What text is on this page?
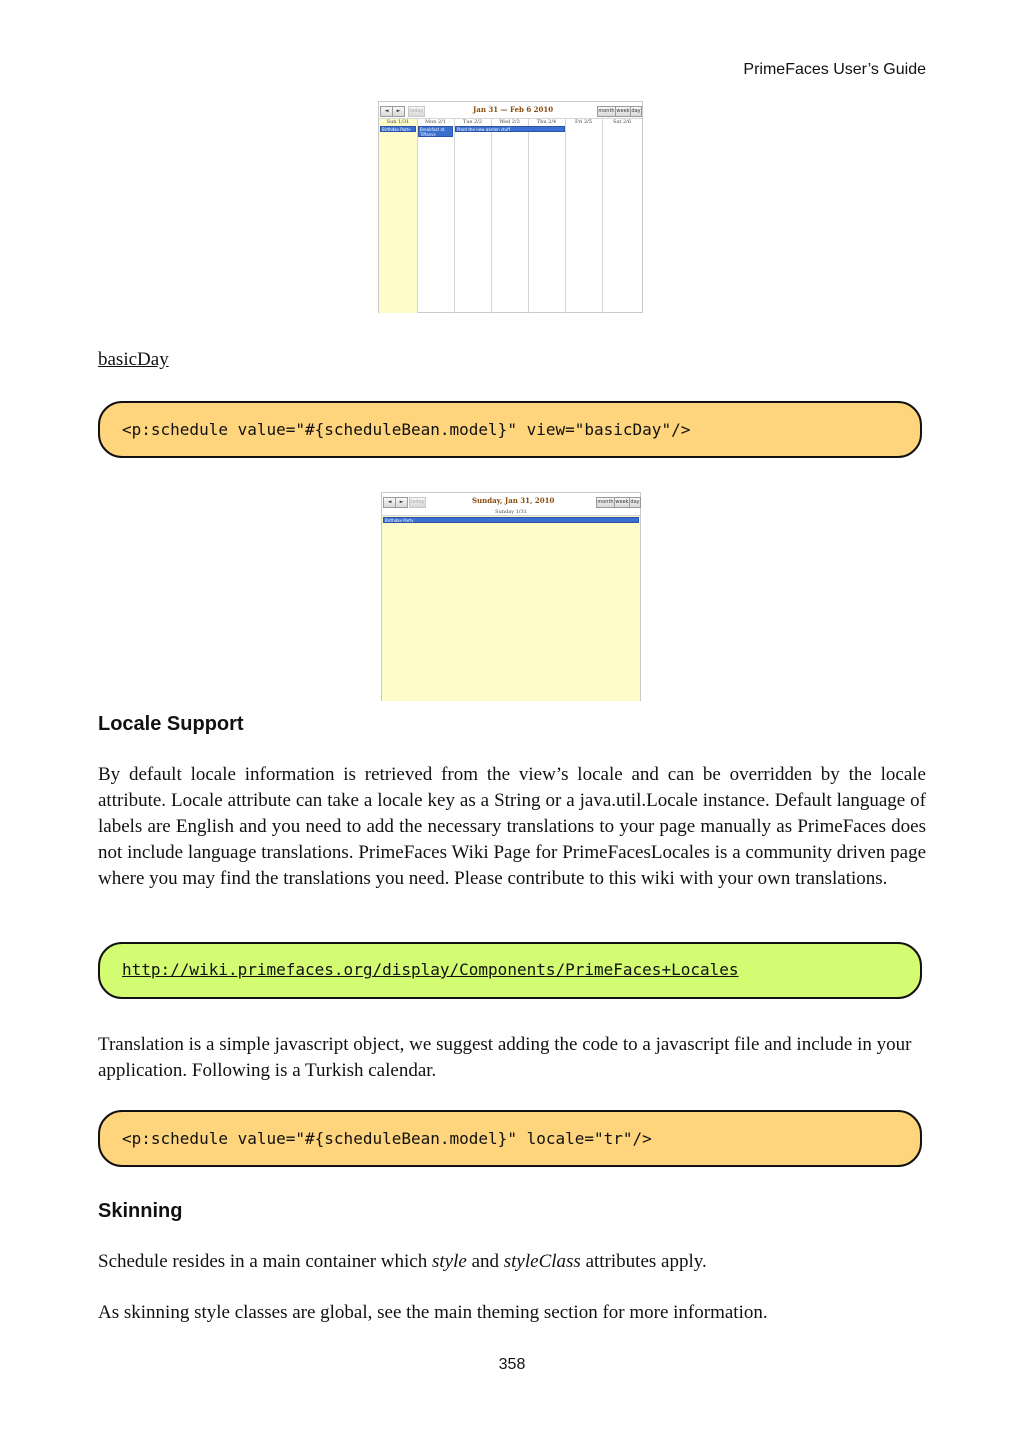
PrimeFaces User’s Guide
◄	►	today	Jan 31 — Feb 6 2010	month week day
Sun 1/31	Mon 2/1	Tue 2/2	Wed 2/3	Thu 2/4	Fri 2/5	Sat 2/6
Birthday Party	Breakfast at Tiffanys
Plant the new garden stuff
basicDay
<p:schedule value="#{scheduleBean.model}" view="basicDay"/>
◄	►	today	Sunday, Jan 31, 2010	month week day
Sunday 1/31
Birthday Party
Locale Support
By default locale information is retrieved from the view’s locale and can be overridden by the locale attribute. Locale attribute can take a locale key as a String or a java.util.Locale instance. Default language of labels are English and you need to add the necessary translations to your page manually as PrimeFaces does not include language translations. PrimeFaces Wiki Page for PrimeFacesLocales is a community driven page where you may find the translations you need. Please contribute to this wiki with your own translations.
http://wiki.primefaces.org/display/Components/PrimeFaces+Locales
Translation is a simple javascript object, we suggest adding the code to a javascript file and include in your application. Following is a Turkish calendar.
<p:schedule value="#{scheduleBean.model}" locale="tr"/>
Skinning
Schedule resides in a main container which style and styleClass attributes apply.
As skinning style classes are global, see the main theming section for more information.
358
